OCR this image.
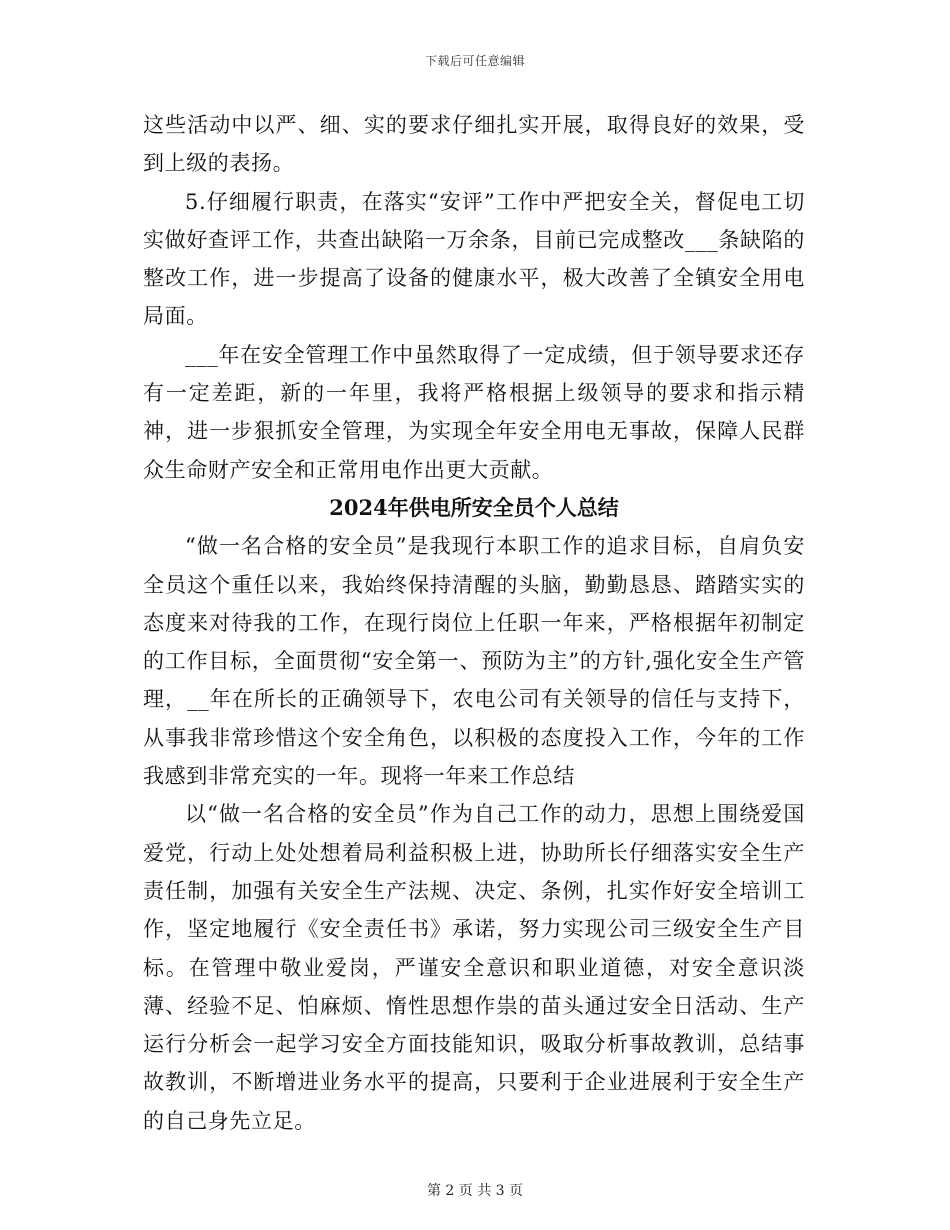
下载后可任意编辑

这些活动中以严、细、实的要求仔细扎实开展，取得良好的效果，受到上级的表扬。

5.仔细履行职责，在落实“安评”工作中严把安全关，督促电工切实做好查评工作，共查出缺陷一万余条，目前已完成整改___条缺陷的整改工作，进一步提高了设备的健康水平，极大改善了全镇安全用电局面。

___年在安全管理工作中虽然取得了一定成绩，但于领导要求还存有一定差距，新的一年里，我将严格根据上级领导的要求和指示精神，进一步狠抓安全管理，为实现全年安全用电无事故，保障人民群众生命财产安全和正常用电作出更大贡献。

2024年供电所安全员个人总结

“做一名合格的安全员”是我现行本职工作的追求目标，自肩负安全员这个重任以来，我始终保持清醒的头脑，勤勤恳恳、踏踏实实的态度来对待我的工作，在现行岗位上任职一年来，严格根据年初制定的工作目标，全面贯彻“安全第一、预防为主”的方针,强化安全生产管理，__年在所长的正确领导下，农电公司有关领导的信任与支持下，从事我非常珍惜这个安全角色，以积极的态度投入工作，今年的工作我感到非常充实的一年。现将一年来工作总结

以“做一名合格的安全员”作为自己工作的动力，思想上围绕爱国爱党，行动上处处想着局利益积极上进，协助所长仔细落实安全生产责任制，加强有关安全生产法规、决定、条例，扎实作好安全培训工作，坚定地履行《安全责任书》承诺，努力实现公司三级安全生产目标。在管理中敬业爱岗，严谨安全意识和职业道德，对安全意识淡薄、经验不足、怕麻烦、惰性思想作祟的苗头通过安全日活动、生产运行分析会一起学习安全方面技能知识，吸取分析事故教训，总结事故教训，不断增进业务水平的提高，只要利于企业进展利于安全生产的自己身先立足。

第 2 页 共 3 页
